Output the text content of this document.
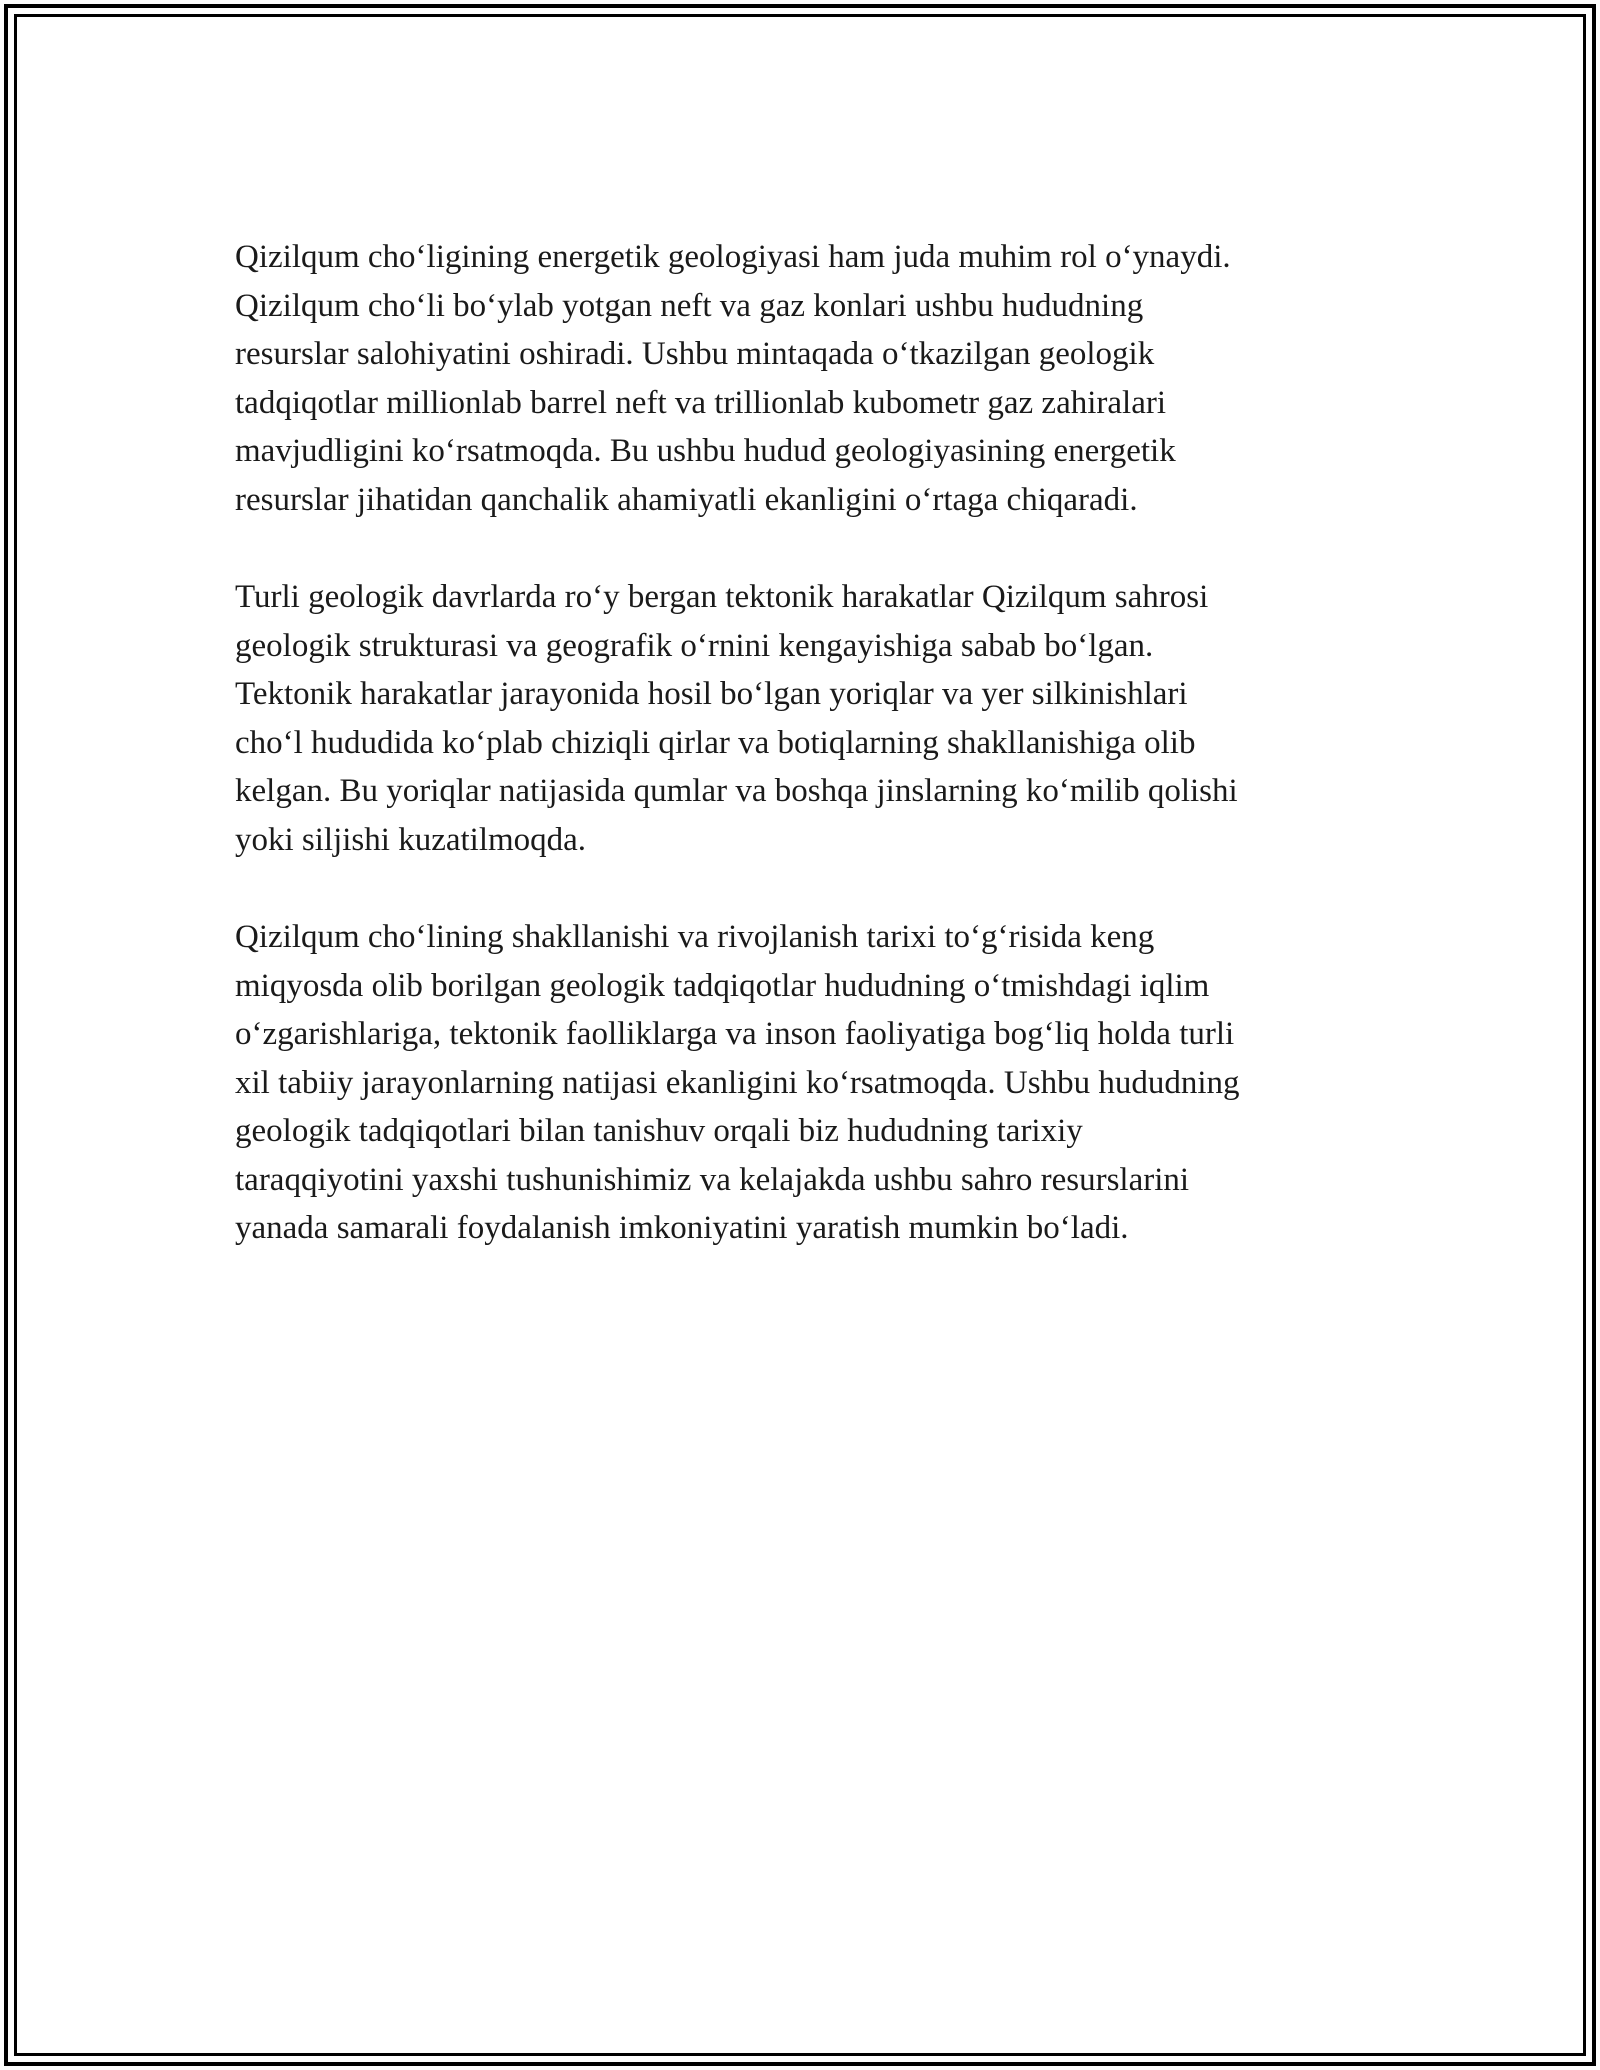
Qizilqum cho‘ligining energetik geologiyasi ham juda muhim rol o‘ynaydi.
Qizilqum cho‘li bo‘ylab yotgan neft va gaz konlari ushbu hududning
resurslar salohiyatini oshiradi. Ushbu mintaqada o‘tkazilgan geologik
tadqiqotlar millionlab barrel neft va trillionlab kubometr gaz zahiralari
mavjudligini ko‘rsatmoqda. Bu ushbu hudud geologiyasining energetik
resurslar jihatidan qanchalik ahamiyatli ekanligini o‘rtaga chiqaradi.

Turli geologik davrlarda ro‘y bergan tektonik harakatlar Qizilqum sahrosi
geologik strukturasi va geografik o‘rnini kengayishiga sabab bo‘lgan.
Tektonik harakatlar jarayonida hosil bo‘lgan yoriqlar va yer silkinishlari
cho‘l hududida ko‘plab chiziqli qirlar va botiqlarning shakllanishiga olib
kelgan. Bu yoriqlar natijasida qumlar va boshqa jinslarning ko‘milib qolishi
yoki siljishi kuzatilmoqda.

Qizilqum cho‘lining shakllanishi va rivojlanish tarixi to‘g‘risida keng
miqyosda olib borilgan geologik tadqiqotlar hududning o‘tmishdagi iqlim
o‘zgarishlariga, tektonik faolliklarga va inson faoliyatiga bog‘liq holda turli
xil tabiiy jarayonlarning natijasi ekanligini ko‘rsatmoqda. Ushbu hududning
geologik tadqiqotlari bilan tanishuv orqali biz hududning tarixiy
taraqqiyotini yaxshi tushunishimiz va kelajakda ushbu sahro resurslarini
yanada samarali foydalanish imkoniyatini yaratish mumkin bo‘ladi.
